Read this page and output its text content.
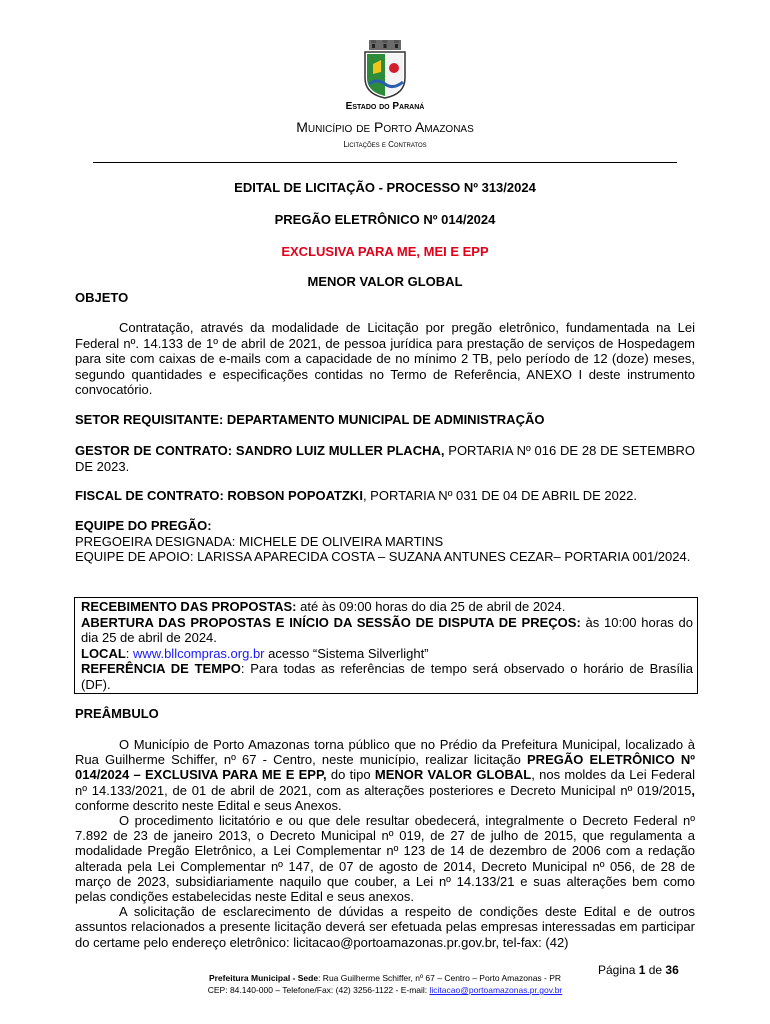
Estado do Paraná
Município de Porto Amazonas
Licitações e Contratos
EDITAL DE LICITAÇÃO - PROCESSO Nº 313/2024
PREGÃO ELETRÔNICO Nº 014/2024
EXCLUSIVA PARA ME, MEI E EPP
MENOR VALOR GLOBAL
OBJETO
Contratação, através da modalidade de Licitação por pregão eletrônico, fundamentada na Lei Federal nº. 14.133 de 1º de abril de 2021, de pessoa jurídica para prestação de serviços de Hospedagem para site com caixas de e-mails com a capacidade de no mínimo 2 TB, pelo período de 12 (doze) meses, segundo quantidades e especificações contidas no Termo de Referência, ANEXO I deste instrumento convocatório.
SETOR REQUISITANTE: DEPARTAMENTO MUNICIPAL DE ADMINISTRAÇÃO
GESTOR DE CONTRATO: SANDRO LUIZ MULLER PLACHA, PORTARIA Nº 016 DE 28 DE SETEMBRO DE 2023.
FISCAL DE CONTRATO: ROBSON POPOATZKI, PORTARIA Nº 031 DE 04 DE ABRIL DE 2022.

EQUIPE DO PREGÃO:

PREGOEIRA DESIGNADA: MICHELE DE OLIVEIRA MARTINS

EQUIPE DE APOIO: LARISSA APARECIDA COSTA – SUZANA ANTUNES CEZAR– PORTARIA 001/2024.

RECEBIMENTO DAS PROPOSTAS: até às 09:00 horas do dia 25 de abril de 2024.

ABERTURA DAS PROPOSTAS E INÍCIO DA SESSÃO DE DISPUTA DE PREÇOS: às 10:00 horas do dia 25 de abril de 2024.

LOCAL: www.bllcompras.org.br acesso “Sistema Silverlight”

REFERÊNCIA DE TEMPO: Para todas as referências de tempo será observado o horário de Brasília (DF).

PREÂMBULO

O Município de Porto Amazonas torna público que no Prédio da Prefeitura Municipal, localizado à Rua Guilherme Schiffer, nº 67 - Centro, neste município, realizar licitação PREGÃO ELETRÔNICO Nº 014/2024 – EXCLUSIVA PARA ME E EPP, do tipo MENOR VALOR GLOBAL, nos moldes da Lei Federal nº 14.133/2021, de 01 de abril de 2021, com as alterações posteriores e Decreto Municipal nº 019/2015, conforme descrito neste Edital e seus Anexos.

O procedimento licitatório e ou que dele resultar obedecerá, integralmente o Decreto Federal nº 7.892 de 23 de janeiro 2013, o Decreto Municipal nº 019, de 27 de julho de 2015, que regulamenta a modalidade Pregão Eletrônico, a Lei Complementar nº 123 de 14 de dezembro de 2006 com a redação alterada pela Lei Complementar nº 147, de 07 de agosto de 2014, Decreto Municipal nº 056, de 28 de março de 2023, subsidiariamente naquilo que couber, a Lei nº 14.133/21 e suas alterações bem como pelas condições estabelecidas neste Edital e seus anexos.

A solicitação de esclarecimento de dúvidas a respeito de condições deste Edital e de outros assuntos relacionados a presente licitação deverá ser efetuada pelas empresas interessadas em participar do certame pelo endereço eletrônico: licitacao@portoamazonas.pr.gov.br, tel-fax: (42)

Página 1 de 36
Prefeitura Municipal - Sede: Rua Guilherme Schiffer, nº 67 – Centro – Porto Amazonas - PR
CEP: 84.140-000 – Telefone/Fax: (42) 3256-1122 - E-mail: licitacao@portoamazonas.pr.gov.br
